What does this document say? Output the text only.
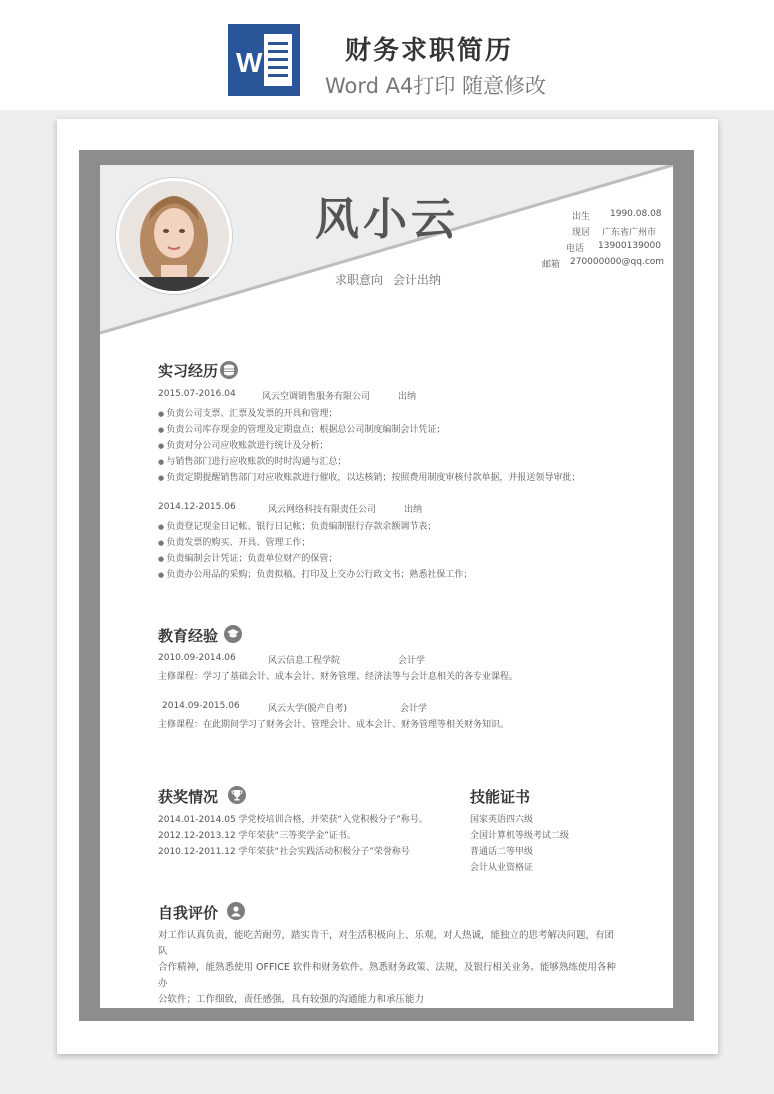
W	财务求职简历
Word A4打印 随意修改
风小云
求职意向 会计出纳
出生 1990.08.08
现居 广东省广州市
电话 13900139000
邮箱 270000000@qq.com
实习经历
2015.07-2016.04	风云空调销售服务有限公司	出纳
● 负责公司支票、汇票及发票的开具和管理；
● 负责公司库存现金的管理及定期盘点；根据总公司制度编制会计凭证；
● 负责对分公司应收账款进行统计及分析；
● 与销售部门进行应收账款的时时沟通与汇总；
● 负责定期提醒销售部门对应收账款进行催收，以达核销；按照费用制度审核付款单据，并报送领导审批；
2014.12-2015.06	风云网络科技有限责任公司	出纳
● 负责登记现金日记帐、银行日记帐；负责编制银行存款余额调节表；
● 负责发票的购买、开具、管理工作；
● 负责编制会计凭证；负责单位财产的保管；
● 负责办公用品的采购；负责拟稿、打印及上交办公行政文书；熟悉社保工作；
教育经验
2010.09-2014.06	风云信息工程学院	会计学
主修课程：学习了基础会计、成本会计、财务管理、经济法等与会计息相关的各专业课程。
2014.09-2015.06	风云大学(脱产自考)	会计学
主修课程：在此期间学习了财务会计、管理会计、成本会计、财务管理等相关财务知识。
获奖情况
2014.01-2014.05 学党校培训合格，并荣获“入党积极分子”称号。
2012.12-2013.12 学年荣获“三等奖学金”证书。
2010.12-2011.12 学年荣获“社会实践活动积极分子”荣誉称号
技能证书
国家英语四六级
全国计算机等级考试二级
普通话二等甲级
会计从业资格证
自我评价
对工作认真负责，能吃苦耐劳，踏实肯干，对生活积极向上、乐观，对人热诚，能独立的思考解决问题，有团队
合作精神，能熟悉使用 OFFICE 软件和财务软件。熟悉财务政策、法规，及银行相关业务。能够熟练使用各种办
公软件；工作细致，责任感强，具有较强的沟通能力和承压能力
